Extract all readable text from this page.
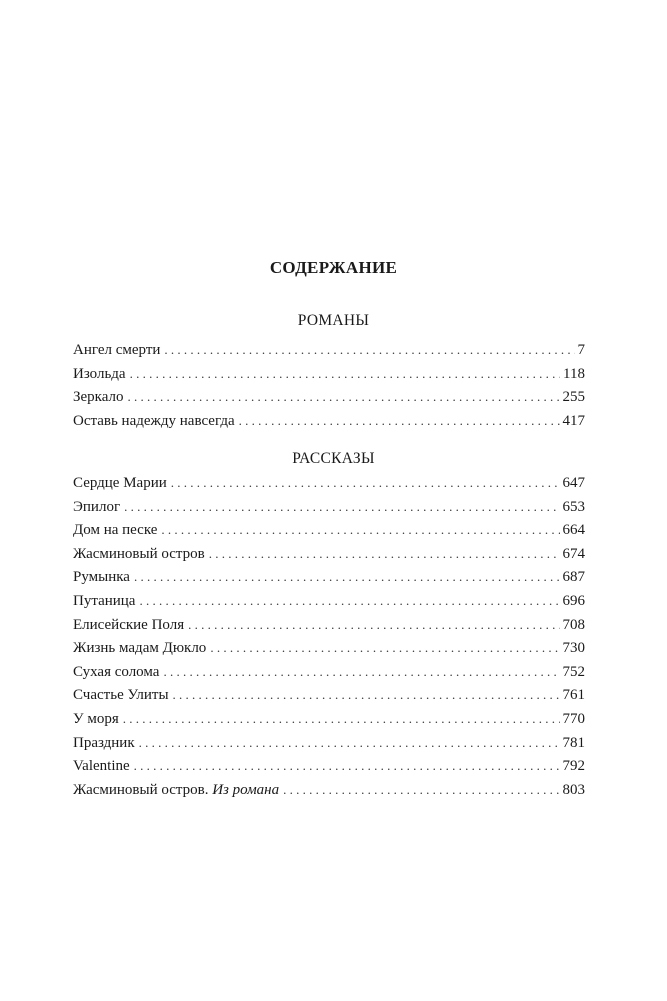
СОДЕРЖАНИЕ
РОМАНЫ
Ангел смерти . . .	7
Изольда . . .	118
Зеркало . . .	255
Оставь надежду навсегда . . .	417
РАССКАЗЫ
Сердце Марии . . .	647
Эпилог . . .	653
Дом на песке . . .	664
Жасминовый остров . . .	674
Румынка . . .	687
Путаница . . .	696
Елисейские Поля . . .	708
Жизнь мадам Дюкло . . .	730
Сухая солома . . .	752
Счастье Улиты . . .	761
У моря . . .	770
Праздник . . .	781
Valentine . . .	792
Жасминовый остров. Из романа . . .	803
